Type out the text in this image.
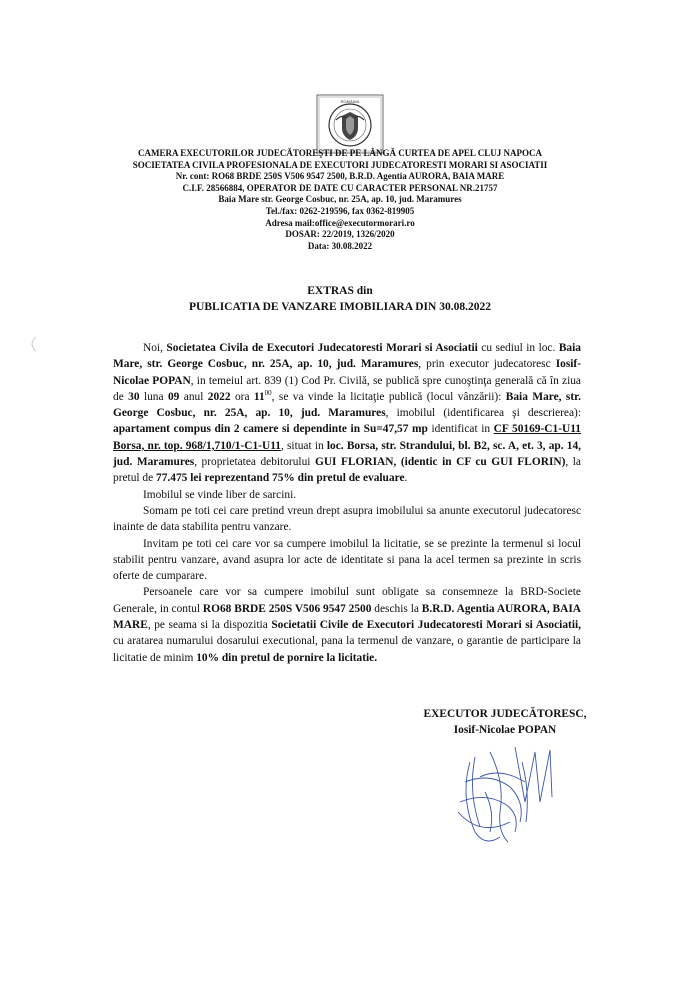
ROMÂNIA
CAMERA EXECUTORILOR JUDECĂTOREŞTI DE PE LÂNGĂ CURTEA DE APEL CLUJ NAPOCA
SOCIETATEA CIVILA PROFESIONALA DE EXECUTORI JUDECATORESTI MORARI SI ASOCIATII
Nr. cont: RO68 BRDE 250S V506 9547 2500, B.R.D. Agentia AURORA, BAIA MARE
C.I.F. 28566884, OPERATOR DE DATE CU CARACTER PERSONAL NR.21757
Baia Mare str. George Cosbuc, nr. 25A, ap. 10, jud. Maramures
Tel./fax: 0262-219596, fax 0362-819905
Adresa mail:office@executormorari.ro
DOSAR: 22/2019, 1326/2020
Data: 30.08.2022
EXTRAS din
PUBLICATIA DE VANZARE IMOBILIARA DIN 30.08.2022

Noi, Societatea Civila de Executori Judecatoresti Morari si Asociatii cu sediul in loc. Baia Mare, str. George Cosbuc, nr. 25A, ap. 10, jud. Maramures, prin executor judecatoresc Iosif-Nicolae POPAN, in temeiul art. 839 (1) Cod Pr. Civilă, se publică spre cunoştinţa generală că în ziua de 30 luna 09 anul 2022 ora $11^{00}$, se va vinde la licitaţie publică (locul vânzării): Baia Mare, str. George Cosbuc, nr. 25A, ap. 10, jud. Maramures, imobilul (identificarea şi descrierea): apartament compus din 2 camere si dependinte in Su=47,57 mp identificat in CF 50169-C1-U11 Borsa, nr. top. 968/1,710/1-C1-U11, situat in loc. Borsa, str. Strandului, bl. B2, sc. A, et. 3, ap. 14, jud. Maramures, proprietatea debitorului GUI FLORIAN, (identic in CF cu GUI FLORIN), la pretul de 77.475 lei reprezentand 75% din pretul de evaluare.

Imobilul se vinde liber de sarcini.

Somam pe toti cei care pretind vreun drept asupra imobilului sa anunte executorul judecatoresc inainte de data stabilita pentru vanzare.

Invitam pe toti cei care vor sa cumpere imobilul la licitatie, se se prezinte la termenul si locul stabilit pentru vanzare, avand asupra lor acte de identitate si pana la acel termen sa prezinte in scris oferte de cumparare.

Persoanele care vor sa cumpere imobilul sunt obligate sa consemneze la BRD-Societe Generale, in contul RO68 BRDE 250S V506 9547 2500 deschis la B.R.D. Agentia AURORA, BAIA MARE, pe seama si la dispozitia Societatii Civile de Executori Judecatoresti Morari si Asociatii, cu aratarea numarului dosarului executional, pana la termenul de vanzare, o garantie de participare la licitatie de minim 10% din pretul de pornire la licitatie.

EXECUTOR JUDECĂTORESC,
Iosif-Nicolae POPAN
